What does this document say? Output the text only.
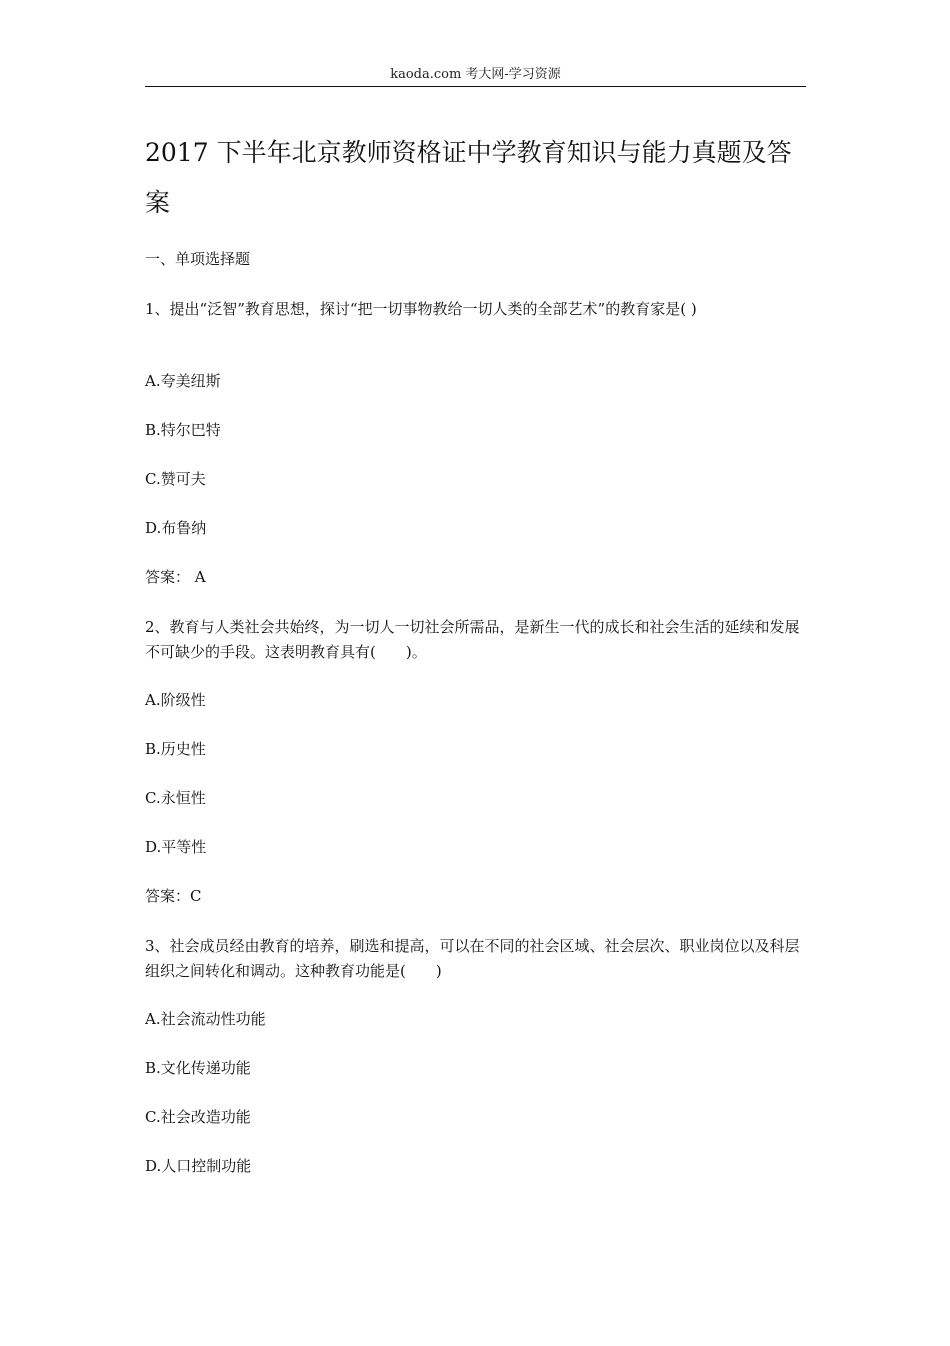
kaoda.com 考大网-学习资源
2017 下半年北京教师资格证中学教育知识与能力真题及答案

一、单项选择题

1、提出“泛智”教育思想，探讨“把一切事物教给一切人类的全部艺术”的教育家是( )

A.夸美纽斯

B.特尔巴特

C.赞可夫

D.布鲁纳

答案： A

2、教育与人类社会共始终，为一切人一切社会所需品，是新生一代的成长和社会生活的延续和发展不可缺少的手段。这表明教育具有(　　)。

A.阶级性

B.历史性

C.永恒性

D.平等性

答案：C

3、社会成员经由教育的培养，刷选和提高，可以在不同的社会区域、社会层次、职业岗位以及科层组织之间转化和调动。这种教育功能是(　　)

A.社会流动性功能

B.文化传递功能

C.社会改造功能

D.人口控制功能
